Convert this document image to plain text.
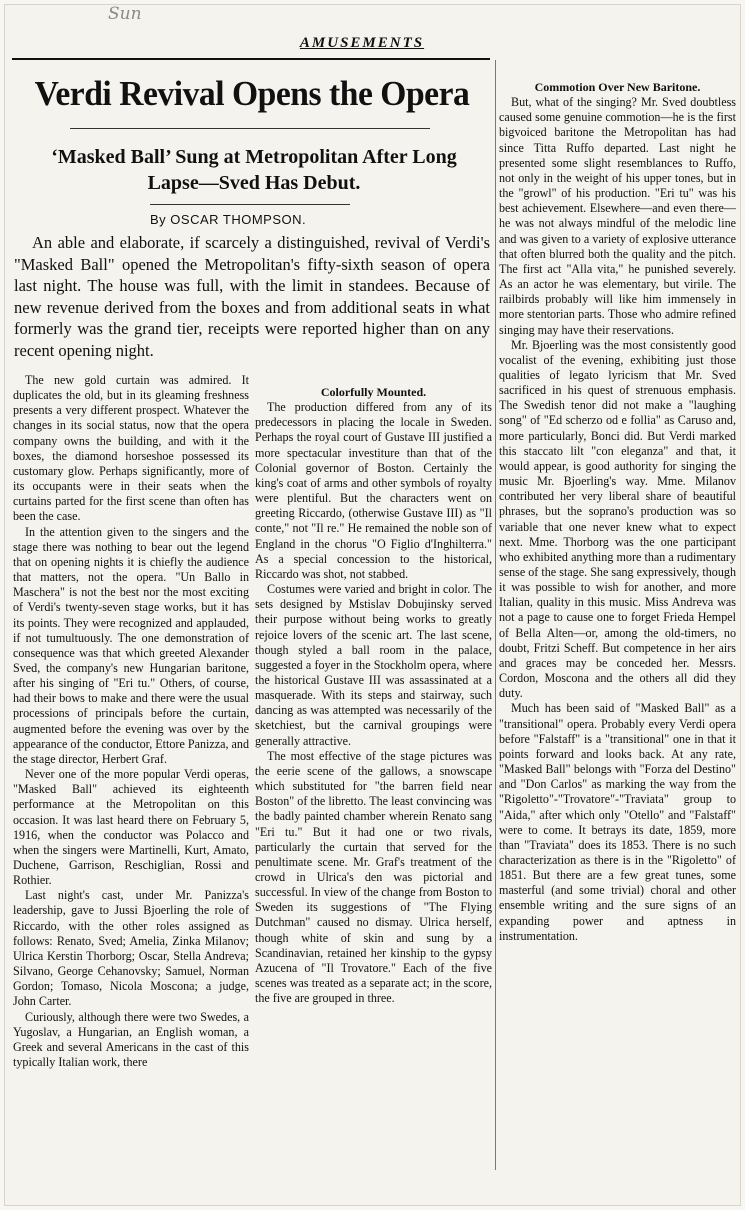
Sun
AMUSEMENTS
Verdi Revival Opens the Opera
‘Masked Ball’ Sung at Metropolitan After Long Lapse—Sved Has Debut.
By OSCAR THOMPSON.
An able and elaborate, if scarcely a distinguished, revival of Verdi's "Masked Ball" opened the Metropolitan's fifty-sixth season of opera last night. The house was full, with the limit in standees. Because of new revenue derived from the boxes and from additional seats in what formerly was the grand tier, receipts were reported higher than on any recent opening night.

The new gold curtain was admired. It duplicates the old, but in its gleaming freshness presents a very different prospect. Whatever the changes in its social status, now that the opera company owns the building, and with it the boxes, the diamond horseshoe possessed its customary glow. Perhaps significantly, more of its occupants were in their seats when the curtains parted for the first scene than often has been the case.

In the attention given to the singers and the stage there was nothing to bear out the legend that on opening nights it is chiefly the audience that matters, not the opera. "Un Ballo in Maschera" is not the best nor the most exciting of Verdi's twenty-seven stage works, but it has its points. They were recognized and applauded, if not tumultuously. The one demonstration of consequence was that which greeted Alexander Sved, the company's new Hungarian baritone, after his singing of "Eri tu." Others, of course, had their bows to make and there were the usual processions of principals before the curtain, augmented before the evening was over by the appearance of the conductor, Ettore Panizza, and the stage director, Herbert Graf.

Never one of the more popular Verdi operas, "Masked Ball" achieved its eighteenth performance at the Metropolitan on this occasion. It was last heard there on February 5, 1916, when the conductor was Polacco and when the singers were Martinelli, Kurt, Amato, Duchene, Garrison, Reschiglian, Rossi and Rothier.

Last night's cast, under Mr. Panizza's leadership, gave to Jussi Bjoerling the role of Riccardo, with the other roles assigned as follows: Renato, Sved; Amelia, Zinka Milanov; Ulrica Kerstin Thorborg; Oscar, Stella Andreva; Silvano, George Cehanovsky; Samuel, Norman Gordon; Tomaso, Nicola Moscona; a judge, John Carter.

Curiously, although there were two Swedes, a Yugoslav, a Hungarian, an English woman, a Greek and several Americans in the cast of this typically Italian work, there

Colorfully Mounted.

The production differed from any of its predecessors in placing the locale in Sweden. Perhaps the royal court of Gustave III justified a more spectacular investiture than that of the Colonial governor of Boston. Certainly the king's coat of arms and other symbols of royalty were plentiful. But the characters went on greeting Riccardo, (otherwise Gustave III) as "Il conte," not "Il re." He remained the noble son of England in the chorus "O Figlio d'Inghilterra." As a special concession to the historical, Riccardo was shot, not stabbed.

Costumes were varied and bright in color. The sets designed by Mstislav Dobujinsky served their purpose without being works to greatly rejoice lovers of the scenic art. The last scene, though styled a ball room in the palace, suggested a foyer in the Stockholm opera, where the historical Gustave III was assassinated at a masquerade. With its steps and stairway, such dancing as was attempted was necessarily of the sketchiest, but the carnival groupings were generally attractive.

The most effective of the stage pictures was the eerie scene of the gallows, a snowscape which substituted for "the barren field near Boston" of the libretto. The least convincing was the badly painted chamber wherein Renato sang "Eri tu." But it had one or two rivals, particularly the curtain that served for the penultimate scene. Mr. Graf's treatment of the crowd in Ulrica's den was pictorial and successful. In view of the change from Boston to Sweden its suggestions of "The Flying Dutchman" caused no dismay. Ulrica herself, though white of skin and sung by a Scandinavian, retained her kinship to the gypsy Azucena of "Il Trovatore." Each of the five scenes was treated as a separate act; in the score, the five are grouped in three.

Commotion Over New Baritone.

But, what of the singing? Mr. Sved doubtless caused some genuine commotion—he is the first bigvoiced baritone the Metropolitan has had since Titta Ruffo departed. Last night he presented some slight resemblances to Ruffo, not only in the weight of his upper tones, but in the "growl" of his production. "Eri tu" was his best achievement. Elsewhere—and even there—he was not always mindful of the melodic line and was given to a variety of explosive utterance that often blurred both the quality and the pitch. The first act "Alla vita," he punished severely. As an actor he was elementary, but virile. The railbirds probably will like him immensely in more stentorian parts. Those who admire refined singing may have their reservations.

Mr. Bjoerling was the most consistently good vocalist of the evening, exhibiting just those qualities of legato lyricism that Mr. Sved sacrificed in his quest of strenuous emphasis. The Swedish tenor did not make a "laughing song" of "Ed scherzo od e follia" as Caruso and, more particularly, Bonci did. But Verdi marked this staccato lilt "con eleganza" and that, it would appear, is good authority for singing the music Mr. Bjoerling's way. Mme. Milanov contributed her very liberal share of beautiful phrases, but the soprano's production was so variable that one never knew what to expect next. Mme. Thorborg was the one participant who exhibited anything more than a rudimentary sense of the stage. She sang expressively, though it was possible to wish for another, and more Italian, quality in this music. Miss Andreva was not a page to cause one to forget Frieda Hempel of Bella Alten—or, among the old-timers, no doubt, Fritzi Scheff. But competence in her airs and graces may be conceded her. Messrs. Cordon, Moscona and the others all did they duty.

Much has been said of "Masked Ball" as a "transitional" opera. Probably every Verdi opera before "Falstaff" is a "transitional" one in that it points forward and looks back. At any rate, "Masked Ball" belongs with "Forza del Destino" and "Don Carlos" as marking the way from the "Rigoletto"-"Trovatore"-"Traviata" group to "Aida," after which only "Otello" and "Falstaff" were to come. It betrays its date, 1859, more than "Traviata" does its 1853. There is no such characterization as there is in the "Rigoletto" of 1851. But there are a few great tunes, some masterful (and some trivial) choral and other ensemble writing and the sure signs of an expanding power and aptness in instrumentation.
